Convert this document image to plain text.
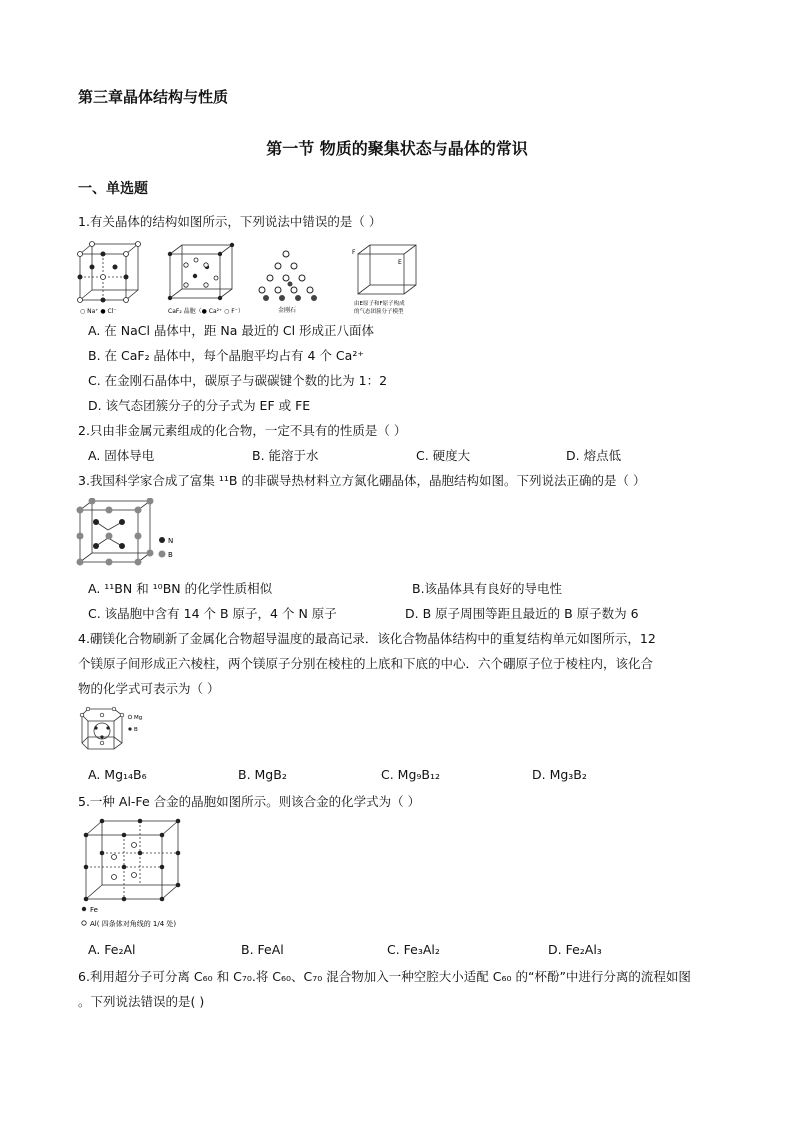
第三章晶体结构与性质
第一节 物质的聚集状态与晶体的常识
一、单选题
1.有关晶体的结构如图所示，下列说法中错误的是（ ）
○ Na⁺ ● Cl⁻	CaF₂ 晶胞（● Ca²⁺ ○ F⁻）	金刚石
F
E
由E原子和F原子构成
的气态团簇分子模型
A. 在 NaCl 晶体中，距 Na 最近的 Cl 形成正八面体
B. 在 CaF₂ 晶体中，每个晶胞平均占有 4 个 Ca²⁺
C. 在金刚石晶体中，碳原子与碳碳键个数的比为 1：2
D. 该气态团簇分子的分子式为 EF 或 FE
2.只由非金属元素组成的化合物，一定不具有的性质是（ ）
A. 固体导电	B. 能溶于水	C. 硬度大	D. 熔点低
3.我国科学家合成了富集 ¹¹B 的非碳导热材料立方氮化硼晶体，晶胞结构如图。下列说法正确的是（ ）
N
B
A. ¹¹BN 和 ¹⁰BN 的化学性质相似	B.该晶体具有良好的导电性
C. 该晶胞中含有 14 个 B 原子，4 个 N 原子	D. B 原子周围等距且最近的 B 原子数为 6
4.硼镁化合物刷新了金属化合物超导温度的最高记录．该化合物晶体结构中的重复结构单元如图所示，12
个镁原子间形成正六棱柱，两个镁原子分别在棱柱的上底和下底的中心．六个硼原子位于棱柱内，该化合
物的化学式可表示为（ ）
Mg
B
A. Mg₁₄B₆	B. MgB₂	C. Mg₉B₁₂	D. Mg₃B₂
5.一种 Al-Fe 合金的晶胞如图所示。则该合金的化学式为（ ）
Fe
Al( 四条体对角线的 1/4 处)
A. Fe₂Al	B. FeAl	C. Fe₃Al₂	D. Fe₂Al₃
6.利用超分子可分离 C₆₀ 和 C₇₀.将 C₆₀、C₇₀ 混合物加入一种空腔大小适配 C₆₀ 的“杯酚”中进行分离的流程如图
。下列说法错误的是( )
